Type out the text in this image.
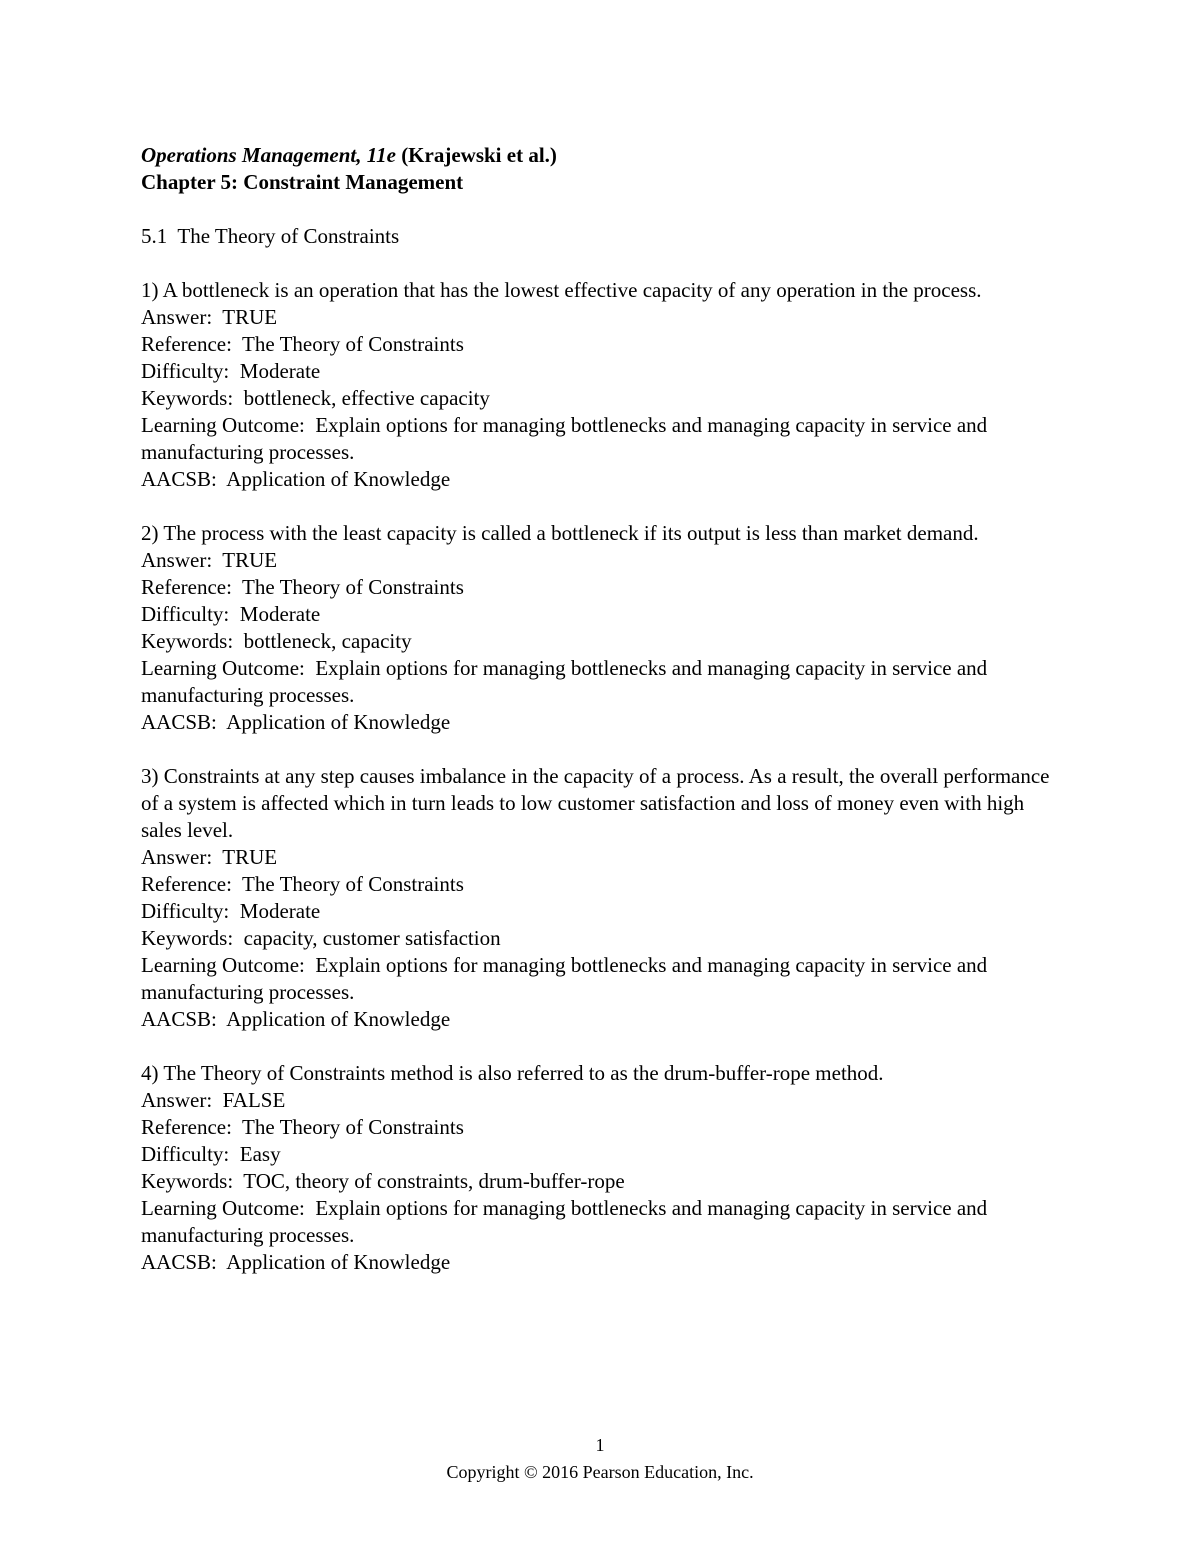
Operations Management, 11e (Krajewski et al.)
Chapter 5: Constraint Management
5.1  The Theory of Constraints
1) A bottleneck is an operation that has the lowest effective capacity of any operation in the process.
Answer:  TRUE
Reference:  The Theory of Constraints
Difficulty:  Moderate
Keywords:  bottleneck, effective capacity
Learning Outcome:  Explain options for managing bottlenecks and managing capacity in service and manufacturing processes.
AACSB:  Application of Knowledge
2) The process with the least capacity is called a bottleneck if its output is less than market demand.
Answer:  TRUE
Reference:  The Theory of Constraints
Difficulty:  Moderate
Keywords:  bottleneck, capacity
Learning Outcome:  Explain options for managing bottlenecks and managing capacity in service and manufacturing processes.
AACSB:  Application of Knowledge
3) Constraints at any step causes imbalance in the capacity of a process. As a result, the overall performance of a system is affected which in turn leads to low customer satisfaction and loss of money even with high sales level.
Answer:  TRUE
Reference:  The Theory of Constraints
Difficulty:  Moderate
Keywords:  capacity, customer satisfaction
Learning Outcome:  Explain options for managing bottlenecks and managing capacity in service and manufacturing processes.
AACSB:  Application of Knowledge
4) The Theory of Constraints method is also referred to as the drum-buffer-rope method.
Answer:  FALSE
Reference:  The Theory of Constraints
Difficulty:  Easy
Keywords:  TOC, theory of constraints, drum-buffer-rope
Learning Outcome:  Explain options for managing bottlenecks and managing capacity in service and manufacturing processes.
AACSB:  Application of Knowledge
1
Copyright © 2016 Pearson Education, Inc.
